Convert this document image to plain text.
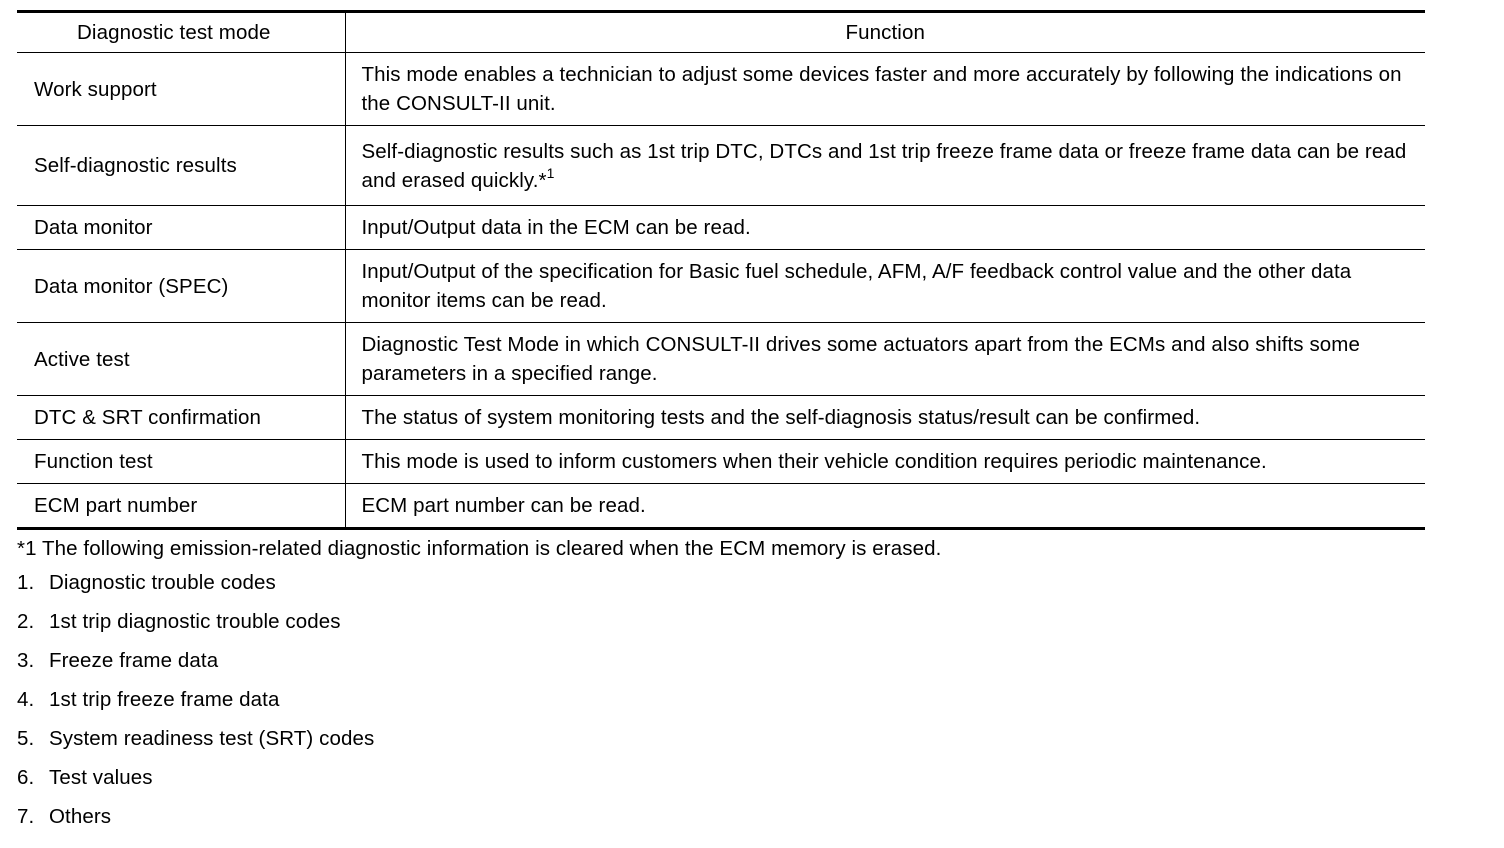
Diagnostic test mode	Function
Work support	This mode enables a technician to adjust some devices faster and more accurately by following the indications on the CONSULT-II unit.
Self-diagnostic results	Self-diagnostic results such as 1st trip DTC, DTCs and 1st trip freeze frame data or freeze frame data can be read and erased quickly.*$^1$
Data monitor	Input/Output data in the ECM can be read.
Data monitor (SPEC)	Input/Output of the specification for Basic fuel schedule, AFM, A/F feedback control value and the other data monitor items can be read.
Active test	Diagnostic Test Mode in which CONSULT-II drives some actuators apart from the ECMs and also shifts some parameters in a specified range.
DTC & SRT confirmation	The status of system monitoring tests and the self-diagnosis status/result can be confirmed.
Function test	This mode is used to inform customers when their vehicle condition requires periodic maintenance.
ECM part number	ECM part number can be read.
*1 The following emission-related diagnostic information is cleared when the ECM memory is erased.
1. Diagnostic trouble codes
2. 1st trip diagnostic trouble codes
3. Freeze frame data
4. 1st trip freeze frame data
5. System readiness test (SRT) codes
6. Test values
7. Others
